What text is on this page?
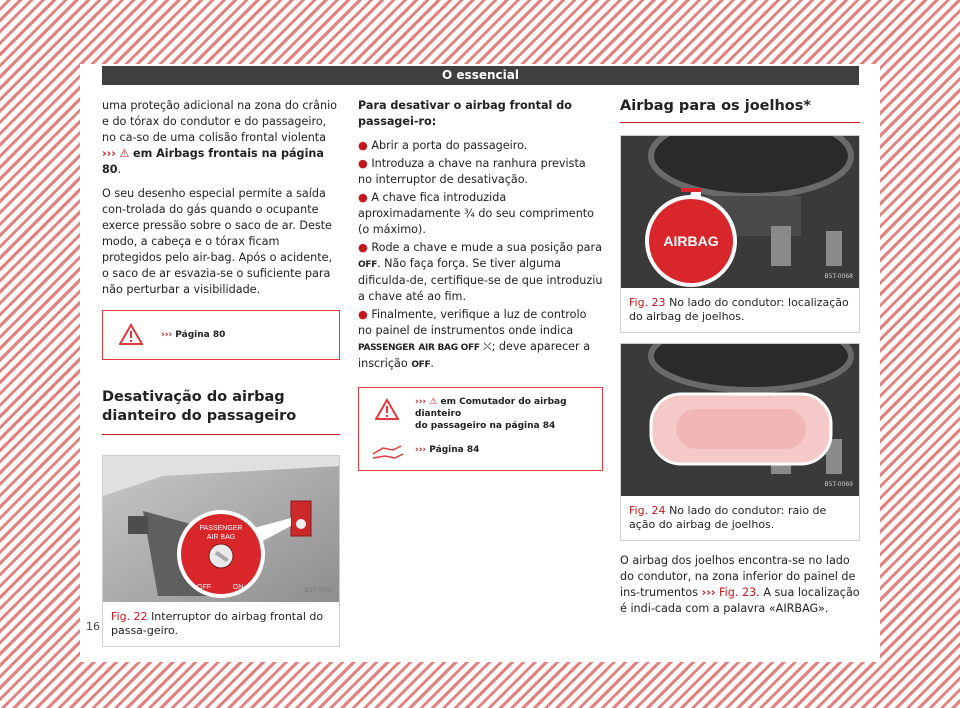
O essencial

uma proteção adicional na zona do crânio e do tórax do condutor e do passageiro, no ca-so de uma colisão frontal violenta ››› ⚠ em Airbags frontais na página 80.

O seu desenho especial permite a saída con-trolada do gás quando o ocupante exerce pressão sobre o saco de ar. Deste modo, a cabeça e o tórax ficam protegidos pelo air-bag. Após o acidente, o saco de ar esvazia-se o suficiente para não perturbar a visibilidade.

››› Página 80
Desativação do airbag dianteiro do passageiro
PASSENGER
AIR BAG
OFF	ON	B5T-0035
Fig. 22 Interruptor do airbag frontal do passa-geiro.

Para desativar o airbag frontal do passagei-ro:

● Abrir a porta do passageiro.

● Introduza a chave na ranhura prevista no interruptor de desativação.

● A chave fica introduzida aproximadamente ¾ do seu comprimento (o máximo).

● Rode a chave e mude a sua posição para OFF. Não faça força. Se tiver alguma dificulda-de, certifique-se de que introduziu a chave até ao fim.

● Finalmente, verifique a luz de controlo no painel de instrumentos onde indica PASSENGER AIR BAG OFF ⛌; deve aparecer a inscrição OFF.

››› ⚠ em Comutador do airbag dianteiro
do passageiro na página 84
››› Página 84
Airbag para os joelhos*
AIRBAG
B5T-0068
Fig. 23 No lado do condutor: localização do airbag de joelhos.
B5T-0069
Fig. 24 No lado do condutor: raio de ação do airbag de joelhos.

O airbag dos joelhos encontra-se no lado do condutor, na zona inferior do painel de ins-trumentos ››› Fig. 23. A sua localização é indi-cada com a palavra «AIRBAG».

16
